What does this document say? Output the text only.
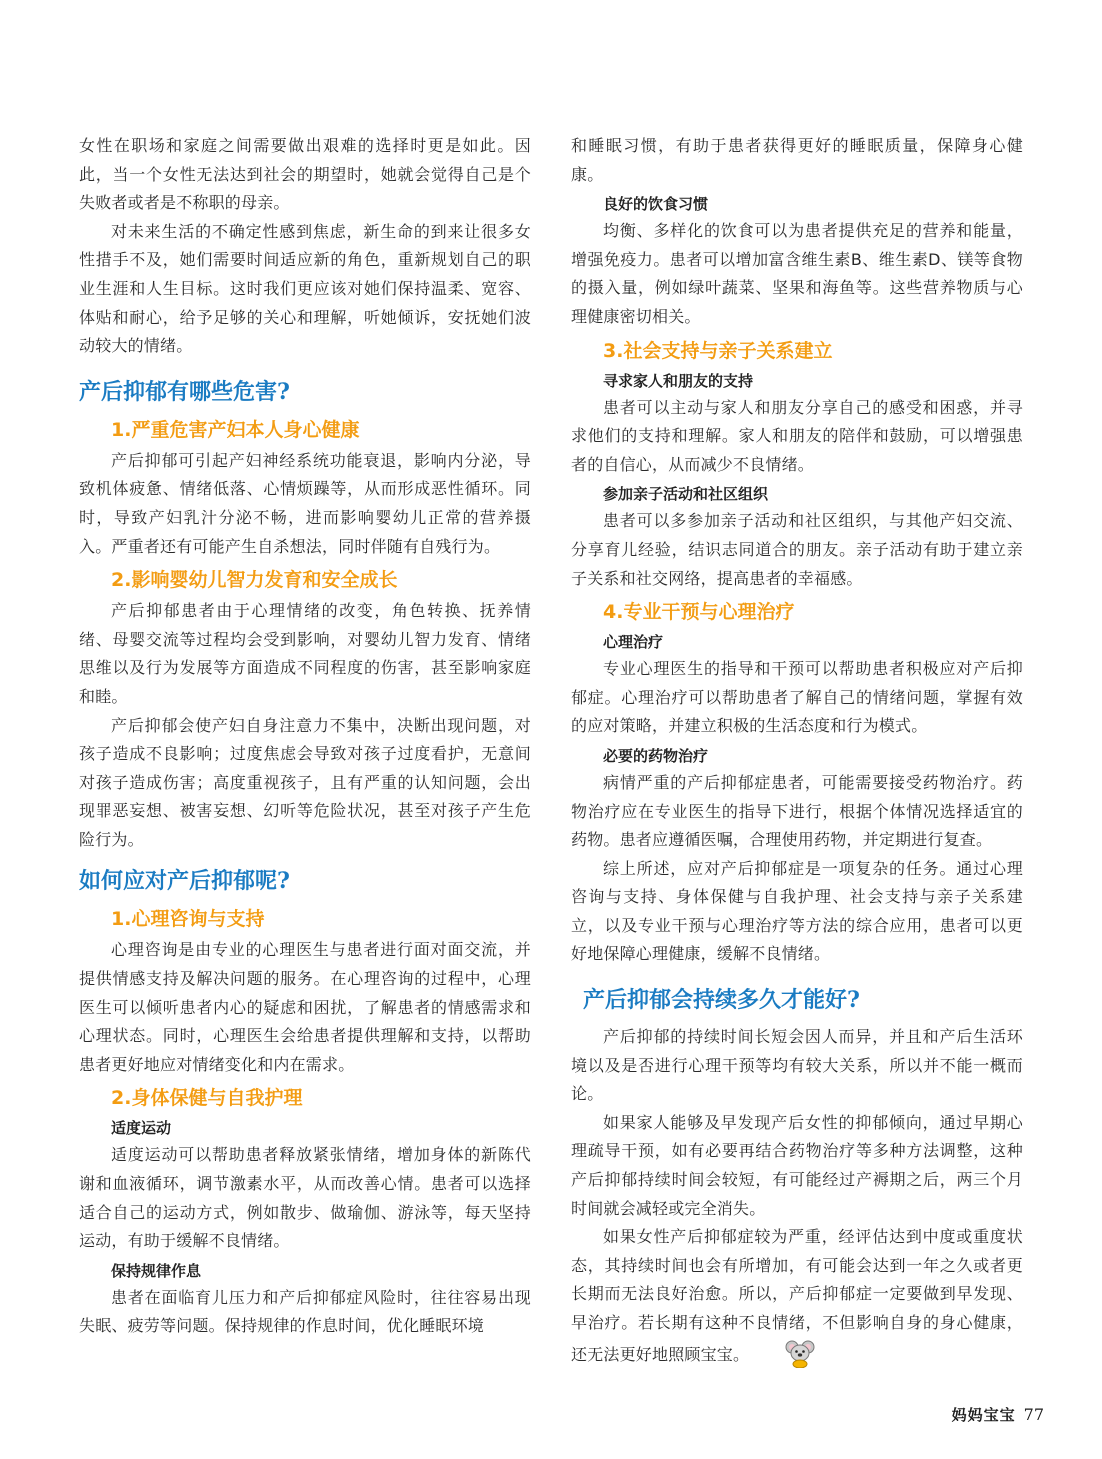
女性在职场和家庭之间需要做出艰难的选择时更是如此。因此，当一个女性无法达到社会的期望时，她就会觉得自己是个失败者或者是不称职的母亲。

对未来生活的不确定性感到焦虑，新生命的到来让很多女性措手不及，她们需要时间适应新的角色，重新规划自己的职业生涯和人生目标。这时我们更应该对她们保持温柔、宽容、体贴和耐心，给予足够的关心和理解，听她倾诉，安抚她们波动较大的情绪。

产后抑郁有哪些危害?
1.严重危害产妇本人身心健康

产后抑郁可引起产妇神经系统功能衰退，影响内分泌，导致机体疲惫、情绪低落、心情烦躁等，从而形成恶性循环。同时，导致产妇乳汁分泌不畅，进而影响婴幼儿正常的营养摄入。严重者还有可能产生自杀想法，同时伴随有自残行为。

2.影响婴幼儿智力发育和安全成长

产后抑郁患者由于心理情绪的改变，角色转换、抚养情绪、母婴交流等过程均会受到影响，对婴幼儿智力发育、情绪思维以及行为发展等方面造成不同程度的伤害，甚至影响家庭和睦。

产后抑郁会使产妇自身注意力不集中，决断出现问题，对孩子造成不良影响；过度焦虑会导致对孩子过度看护，无意间对孩子造成伤害；高度重视孩子，且有严重的认知问题，会出现罪恶妄想、被害妄想、幻听等危险状况，甚至对孩子产生危险行为。

如何应对产后抑郁呢?
1.心理咨询与支持

心理咨询是由专业的心理医生与患者进行面对面交流，并提供情感支持及解决问题的服务。在心理咨询的过程中，心理医生可以倾听患者内心的疑虑和困扰，了解患者的情感需求和心理状态。同时，心理医生会给患者提供理解和支持，以帮助患者更好地应对情绪变化和内在需求。

2.身体保健与自我护理
适度运动

适度运动可以帮助患者释放紧张情绪，增加身体的新陈代谢和血液循环，调节激素水平，从而改善心情。患者可以选择适合自己的运动方式，例如散步、做瑜伽、游泳等，每天坚持运动，有助于缓解不良情绪。

保持规律作息

患者在面临育儿压力和产后抑郁症风险时，往往容易出现失眠、疲劳等问题。保持规律的作息时间，优化睡眠环境

和睡眠习惯，有助于患者获得更好的睡眠质量，保障身心健康。

良好的饮食习惯

均衡、多样化的饮食可以为患者提供充足的营养和能量，增强免疫力。患者可以增加富含维生素B、维生素D、镁等食物的摄入量，例如绿叶蔬菜、坚果和海鱼等。这些营养物质与心理健康密切相关。

3.社会支持与亲子关系建立
寻求家人和朋友的支持

患者可以主动与家人和朋友分享自己的感受和困惑，并寻求他们的支持和理解。家人和朋友的陪伴和鼓励，可以增强患者的自信心，从而减少不良情绪。

参加亲子活动和社区组织

患者可以多参加亲子活动和社区组织，与其他产妇交流、分享育儿经验，结识志同道合的朋友。亲子活动有助于建立亲子关系和社交网络，提高患者的幸福感。

4.专业干预与心理治疗
心理治疗

专业心理医生的指导和干预可以帮助患者积极应对产后抑郁症。心理治疗可以帮助患者了解自己的情绪问题，掌握有效的应对策略，并建立积极的生活态度和行为模式。

必要的药物治疗

病情严重的产后抑郁症患者，可能需要接受药物治疗。药物治疗应在专业医生的指导下进行，根据个体情况选择适宜的药物。患者应遵循医嘱，合理使用药物，并定期进行复查。

综上所述，应对产后抑郁症是一项复杂的任务。通过心理咨询与支持、身体保健与自我护理、社会支持与亲子关系建立，以及专业干预与心理治疗等方法的综合应用，患者可以更好地保障心理健康，缓解不良情绪。

产后抑郁会持续多久才能好?

产后抑郁的持续时间长短会因人而异，并且和产后生活环境以及是否进行心理干预等均有较大关系，所以并不能一概而论。

如果家人能够及早发现产后女性的抑郁倾向，通过早期心理疏导干预，如有必要再结合药物治疗等多种方法调整，这种产后抑郁持续时间会较短，有可能经过产褥期之后，两三个月时间就会减轻或完全消失。

如果女性产后抑郁症较为严重，经评估达到中度或重度状态，其持续时间也会有所增加，有可能会达到一年之久或者更长期而无法良好治愈。所以，产后抑郁症一定要做到早发现、早治疗。若长期有这种不良情绪，不但影响自身的身心健康，还无法更好地照顾宝宝。

妈妈宝宝 77
